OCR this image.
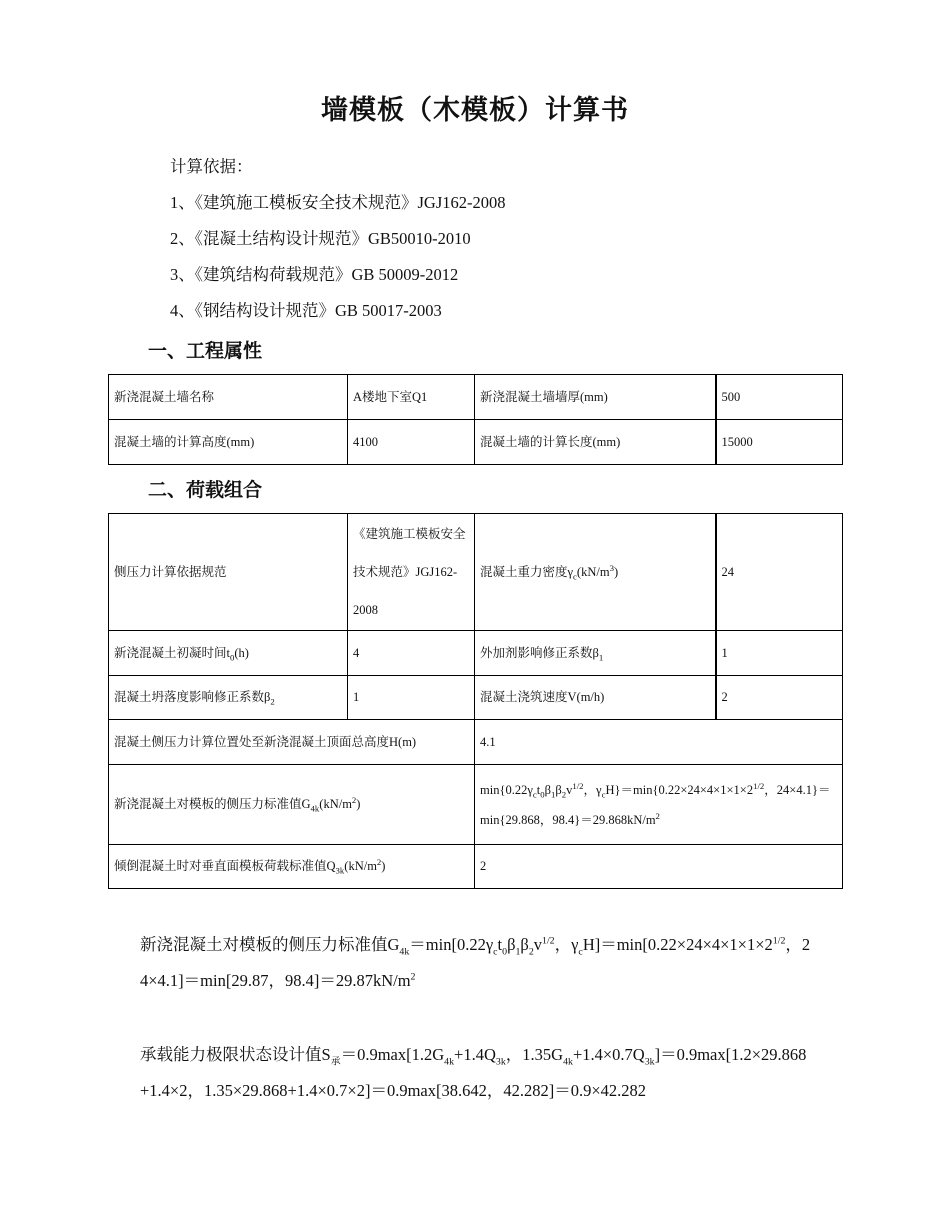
墙模板（木模板）计算书
计算依据：
1、《建筑施工模板安全技术规范》JGJ162-2008
2、《混凝土结构设计规范》GB50010-2010
3、《建筑结构荷载规范》GB 50009-2012
4、《钢结构设计规范》GB 50017-2003
一、工程属性
新浇混凝土墙名称	A楼地下室Q1	新浇混凝土墙墙厚(mm)	500
混凝土墙的计算高度(mm)	4100	混凝土墙的计算长度(mm)	15000
二、荷载组合
侧压力计算依据规范	《建筑施工模板安全技术规范》JGJ162-2008	混凝土重力密度$\gamma_c(kN/m^3)$	24
新浇混凝土初凝时间$t_0(h)$	4	外加剂影响修正系数$\beta_1$	1
混凝土坍落度影响修正系数$\beta_2$	1	混凝土浇筑速度V(m/h)	2
混凝土侧压力计算位置处至新浇混凝土顶面总高度H(m)		4.1	
新浇混凝土对模板的侧压力标准值$G_{4k}(kN/m^2)$		$\min\{0.22\gamma_ct_0\beta_1\beta_2v^{1/2}$，$\gamma_cH\}=\min\{0.22\times 24\times 4\times 1\times 1\times 2^{1/2}$，24×4.1}＝min{29.868，$98.4\}=29.868kN/m^2$
倾倒混凝土时对垂直面模板荷载标准值$Q_{3k}(kN/m^2)$		2	
新浇混凝土对模板的侧压力标准值$G_{4k}=\min[0.22\gamma_ct_0\beta_1\beta_2v^{1/2}$，$\gamma_cH]=\min[0.22\times 24\times 4\times 1\times 1\times 2^{1/2}$，24×4.1]＝min[29.87，$98.4]=29.87kN/m^2$
承载能力极限状态设计值$S_承=0.9\max[1.2G_{4k}+1.4Q_{3k}$，$1.35G_{4k}+1.4\times 0.7Q_{3k}]=0.9\max[1.2\times 29.868+1.4\times 2$，1.35×29.868+1.4×0.7×2]＝0.9max[38.642，42.282]＝0.9×42.282
